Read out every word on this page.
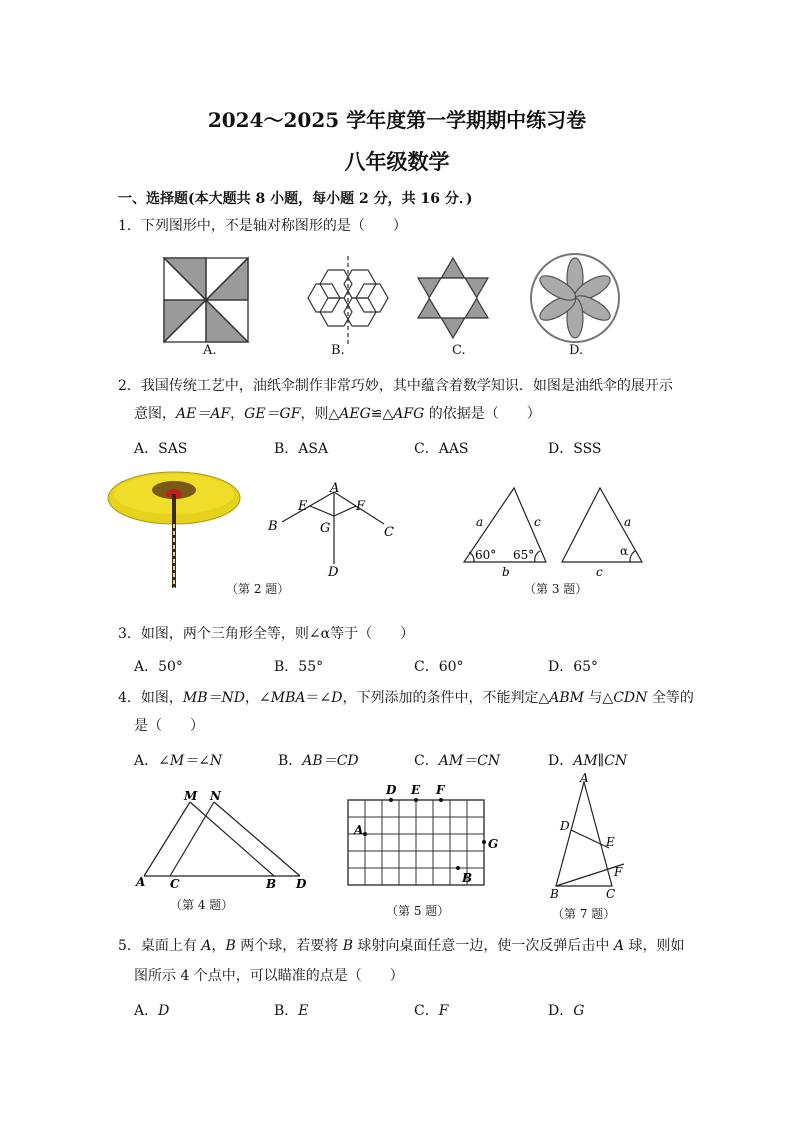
2024～2025 学年度第一学期期中练习卷
八年级数学
一、选择题(本大题共 8 小题，每小题 2 分，共 16 分．)
1．下列图形中，不是轴对称图形的是（　　）
A.	B.	C.	D.
2．我国传统工艺中，油纸伞制作非常巧妙，其中蕴含着数学知识．如图是油纸伞的展开示
意图，AE＝AF，GE＝GF，则△AEG≌△AFG 的依据是（　　）
A．SAS	B．ASA	C．AAS	D．SSS
A
B
E	F
G	C
D
（第 2 题）
a	c
60° 65°
b
a
α
c
（第 3 题）
3．如图，两个三角形全等，则∠α等于（　　）
A．50°	B．55°	C．60°	D．65°
4．如图，MB＝ND，∠MBA＝∠D，下列添加的条件中，不能判定△ABM 与△CDN 全等的
是（　　）
A．∠M＝∠N	B．AB＝CD	C．AM＝CN	D．AM∥CN
M N
A C	B D
（第 4 题）
D E F
A
G
B
（第 5 题）
A
D
E
F
B	C
（第 7 题）
5．桌面上有 A，B 两个球，若要将 B 球射向桌面任意一边，使一次反弹后击中 A 球，则如
图所示 4 个点中，可以瞄准的点是（　　）
A．D	B．E	C．F	D．G
